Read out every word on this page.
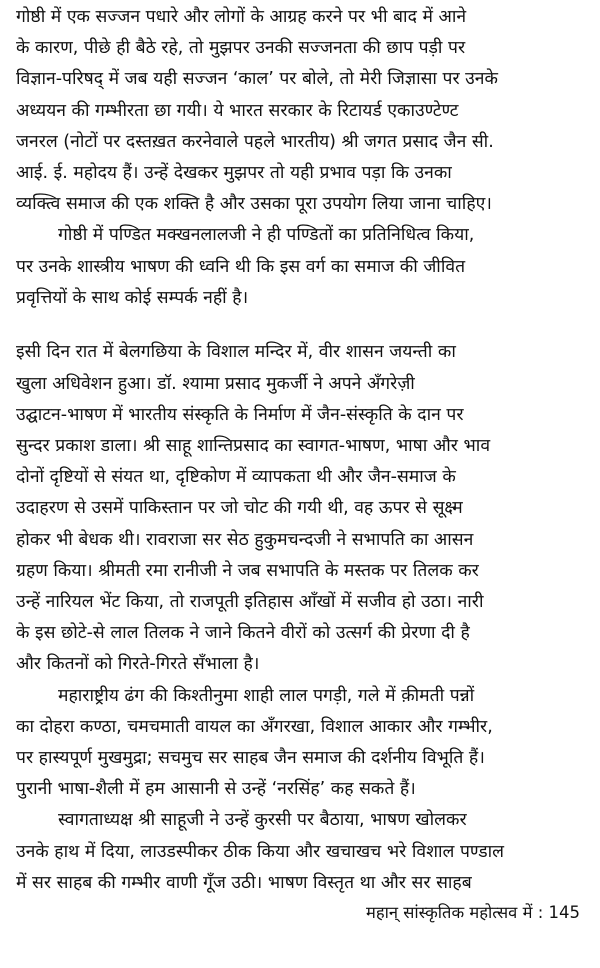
गोष्ठी में एक सज्जन पधारे और लोगों के आग्रह करने पर भी बाद में आने
के कारण, पीछे ही बैठे रहे, तो मुझपर उनकी सज्जनता की छाप पड़ी पर
विज्ञान-परिषद् में जब यही सज्जन ‘काल’ पर बोले, तो मेरी जिज्ञासा पर उनके
अध्ययन की गम्भीरता छा गयी। ये भारत सरकार के रिटायर्ड एकाउण्टेण्ट
जनरल (नोटों पर दस्तख़त करनेवाले पहले भारतीय) श्री जगत प्रसाद जैन सी.
आई. ई. महोदय हैं। उन्हें देखकर मुझपर तो यही प्रभाव पड़ा कि उनका
व्यक्त्वि समाज की एक शक्ति है और उसका पूरा उपयोग लिया जाना चाहिए।
गोष्ठी में पण्डित मक्खनलालजी ने ही पण्डितों का प्रतिनिधित्व किया,
पर उनके शास्त्रीय भाषण की ध्वनि थी कि इस वर्ग का समाज की जीवित
प्रवृत्तियों के साथ कोई सम्पर्क नहीं है।
इसी दिन रात में बेलगछिया के विशाल मन्दिर में, वीर शासन जयन्ती का
खुला अधिवेशन हुआ। डॉ. श्यामा प्रसाद मुकर्जी ने अपने अँगरेज़ी
उद्घाटन-भाषण में भारतीय संस्कृति के निर्माण में जैन-संस्कृति के दान पर
सुन्दर प्रकाश डाला। श्री साहू शान्तिप्रसाद का स्वागत-भाषण, भाषा और भाव
दोनों दृष्टियों से संयत था, दृष्टिकोण में व्यापकता थी और जैन-समाज के
उदाहरण से उसमें पाकिस्तान पर जो चोट की गयी थी, वह ऊपर से सूक्ष्म
होकर भी बेधक थी। रावराजा सर सेठ हुकुमचन्दजी ने सभापति का आसन
ग्रहण किया। श्रीमती रमा रानीजी ने जब सभापति के मस्तक पर तिलक कर
उन्हें नारियल भेंट किया, तो राजपूती इतिहास आँखों में सजीव हो उठा। नारी
के इस छोटे-से लाल तिलक ने जाने कितने वीरों को उत्सर्ग की प्रेरणा दी है
और कितनों को गिरते-गिरते सँभाला है।
महाराष्ट्रीय ढंग की किश्तीनुमा शाही लाल पगड़ी, गले में क़ीमती पन्नों
का दोहरा कण्ठा, चमचमाती वायल का अँगरखा, विशाल आकार और गम्भीर,
पर हास्यपूर्ण मुखमुद्रा; सचमुच सर साहब जैन समाज की दर्शनीय विभूति हैं।
पुरानी भाषा-शैली में हम आसानी से उन्हें ‘नरसिंह’ कह सकते हैं।
स्वागताध्यक्ष श्री साहूजी ने उन्हें कुरसी पर बैठाया, भाषण खोलकर
उनके हाथ में दिया, लाउडस्पीकर ठीक किया और खचाखच भरे विशाल पण्डाल
में सर साहब की गम्भीर वाणी गूँज उठी। भाषण विस्तृत था और सर साहब
महान् सांस्कृतिक महोत्सव में : 145
